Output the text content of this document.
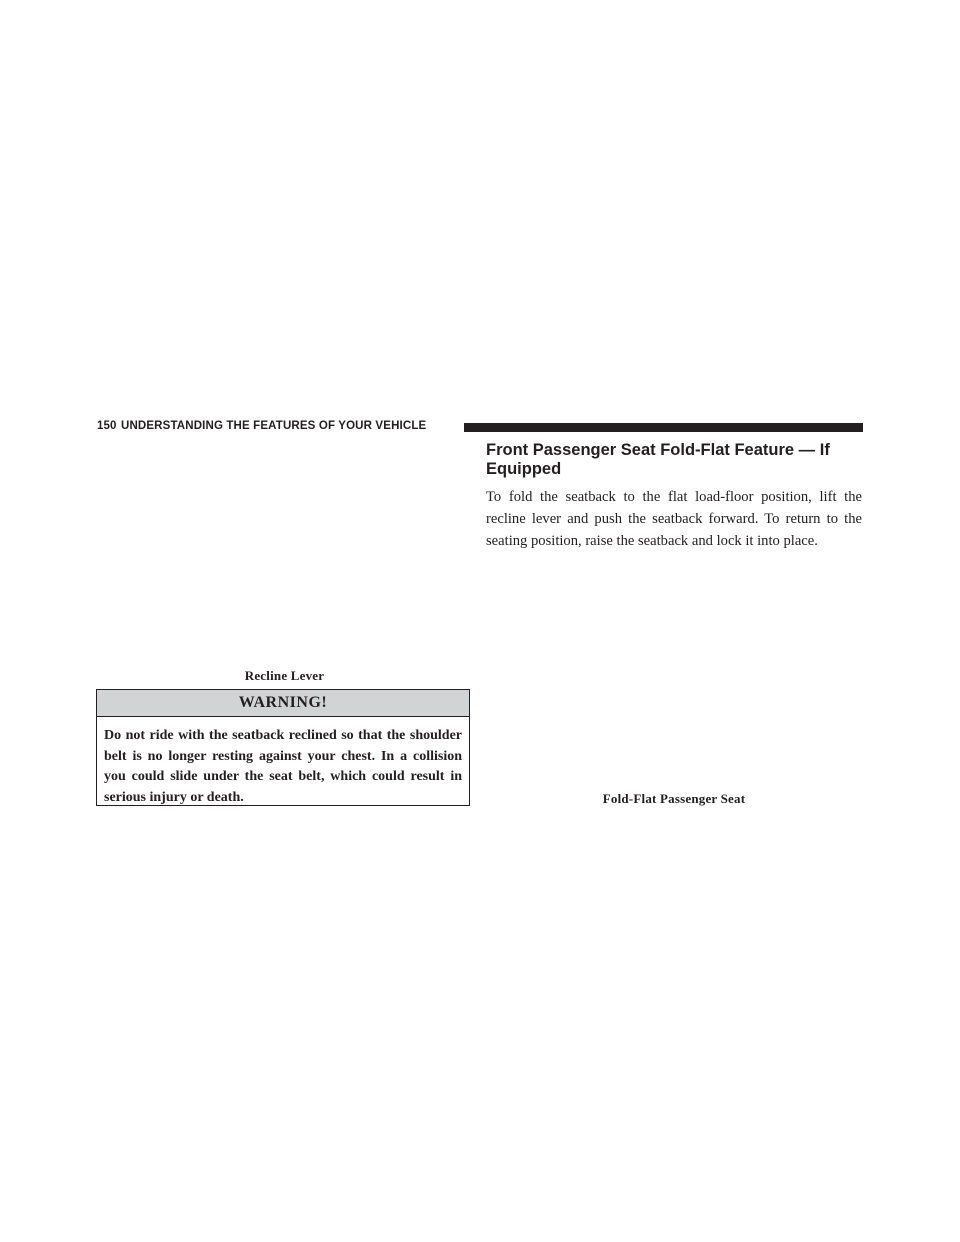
150 UNDERSTANDING THE FEATURES OF YOUR VEHICLE
Recline Lever
WARNING!

Do not ride with the seatback reclined so that the shoulder belt is no longer resting against your chest. In a collision you could slide under the seat belt, which could result in serious injury or death.

Front Passenger Seat Fold-Flat Feature — If Equipped

To fold the seatback to the flat load-floor position, lift the recline lever and push the seatback forward. To return to the seating position, raise the seatback and lock it into place.

Fold-Flat Passenger Seat
